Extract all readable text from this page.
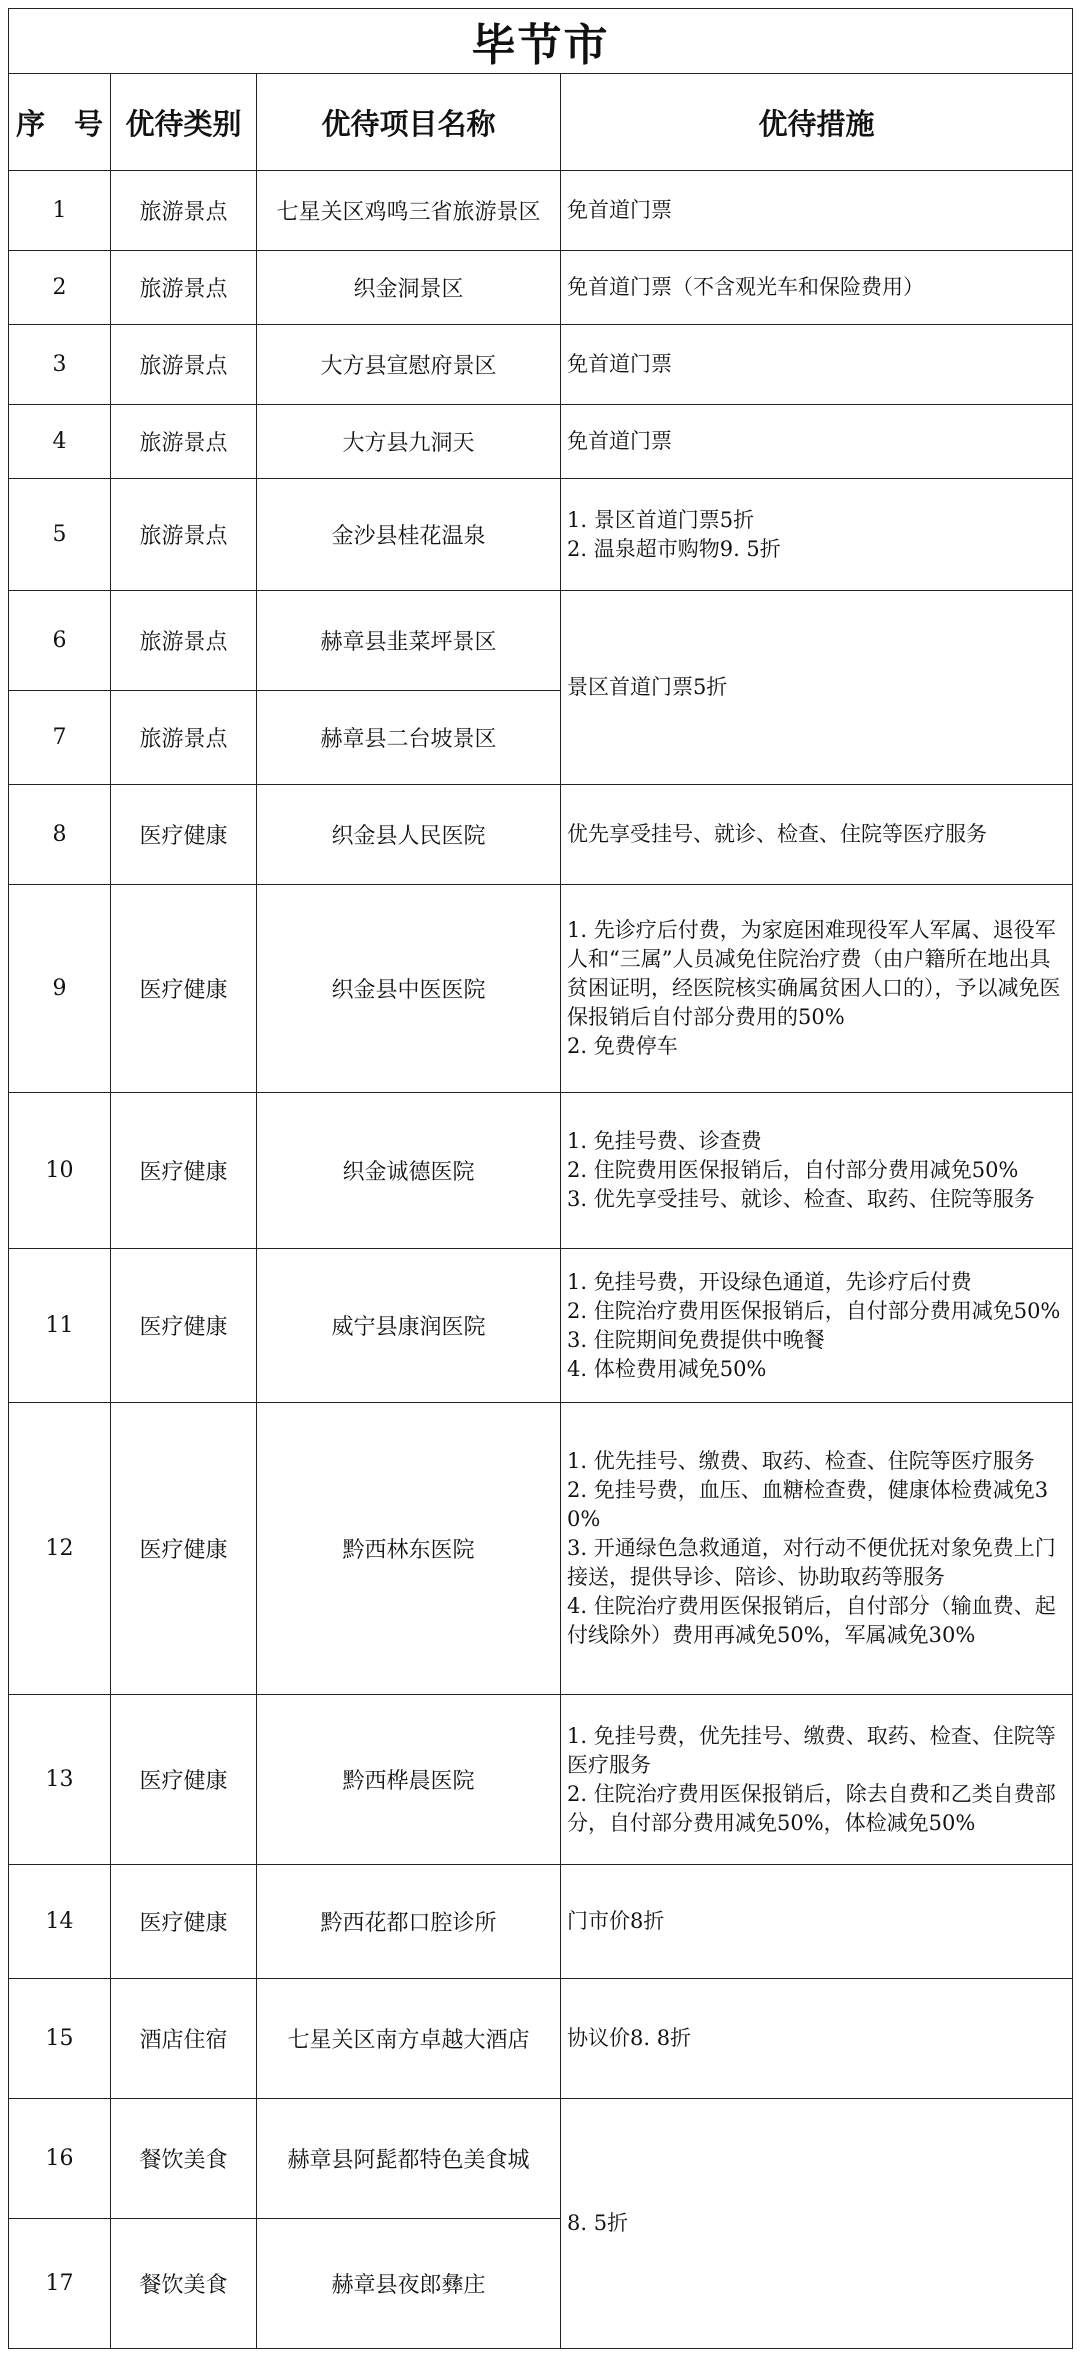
毕节市			
序　号	优待类别	优待项目名称	优待措施
1	旅游景点	七星关区鸡鸣三省旅游景区	免首道门票
2	旅游景点	织金洞景区	免首道门票（不含观光车和保险费用）
3	旅游景点	大方县宣慰府景区	免首道门票
4	旅游景点	大方县九洞天	免首道门票
5	旅游景点	金沙县桂花温泉	1. 景区首道门票5折
2. 温泉超市购物9. 5折

6	旅游景点	赫章县韭菜坪景区	景区首道门票5折
7	旅游景点	赫章县二台坡景区	
8	医疗健康	织金县人民医院	优先享受挂号、就诊、检查、住院等医疗服务
9	医疗健康	织金县中医医院	1. 先诊疗后付费，为家庭困难现役军人军属、退役军人和“三属”人员减免住院治疗费（由户籍所在地出具贫困证明，经医院核实确属贫困人口的），予以减免医保报销后自付部分费用的50%
2. 免费停车

10	医疗健康	织金诚德医院	1. 免挂号费、诊查费
2. 住院费用医保报销后，自付部分费用减免50%
3. 优先享受挂号、就诊、检查、取药、住院等服务

11	医疗健康	威宁县康润医院	1. 免挂号费，开设绿色通道，先诊疗后付费
2. 住院治疗费用医保报销后，自付部分费用减免50%
3. 住院期间免费提供中晚餐
4. 体检费用减免50%

12	医疗健康	黔西林东医院	1. 优先挂号、缴费、取药、检查、住院等医疗服务
2. 免挂号费，血压、血糖检查费，健康体检费减免30%
3. 开通绿色急救通道，对行动不便优抚对象免费上门接送，提供导诊、陪诊、协助取药等服务
4. 住院治疗费用医保报销后，自付部分（输血费、起付线除外）费用再减免50%，军属减免30%

13	医疗健康	黔西桦晨医院	1. 免挂号费，优先挂号、缴费、取药、检查、住院等医疗服务
2. 住院治疗费用医保报销后，除去自费和乙类自费部分，自付部分费用减免50%，体检减免50%

14	医疗健康	黔西花都口腔诊所	门市价8折
15	酒店住宿	七星关区南方卓越大酒店	协议价8. 8折
16	餐饮美食	赫章县阿髭都特色美食城	8. 5折
17	餐饮美食	赫章县夜郎彝庄	
